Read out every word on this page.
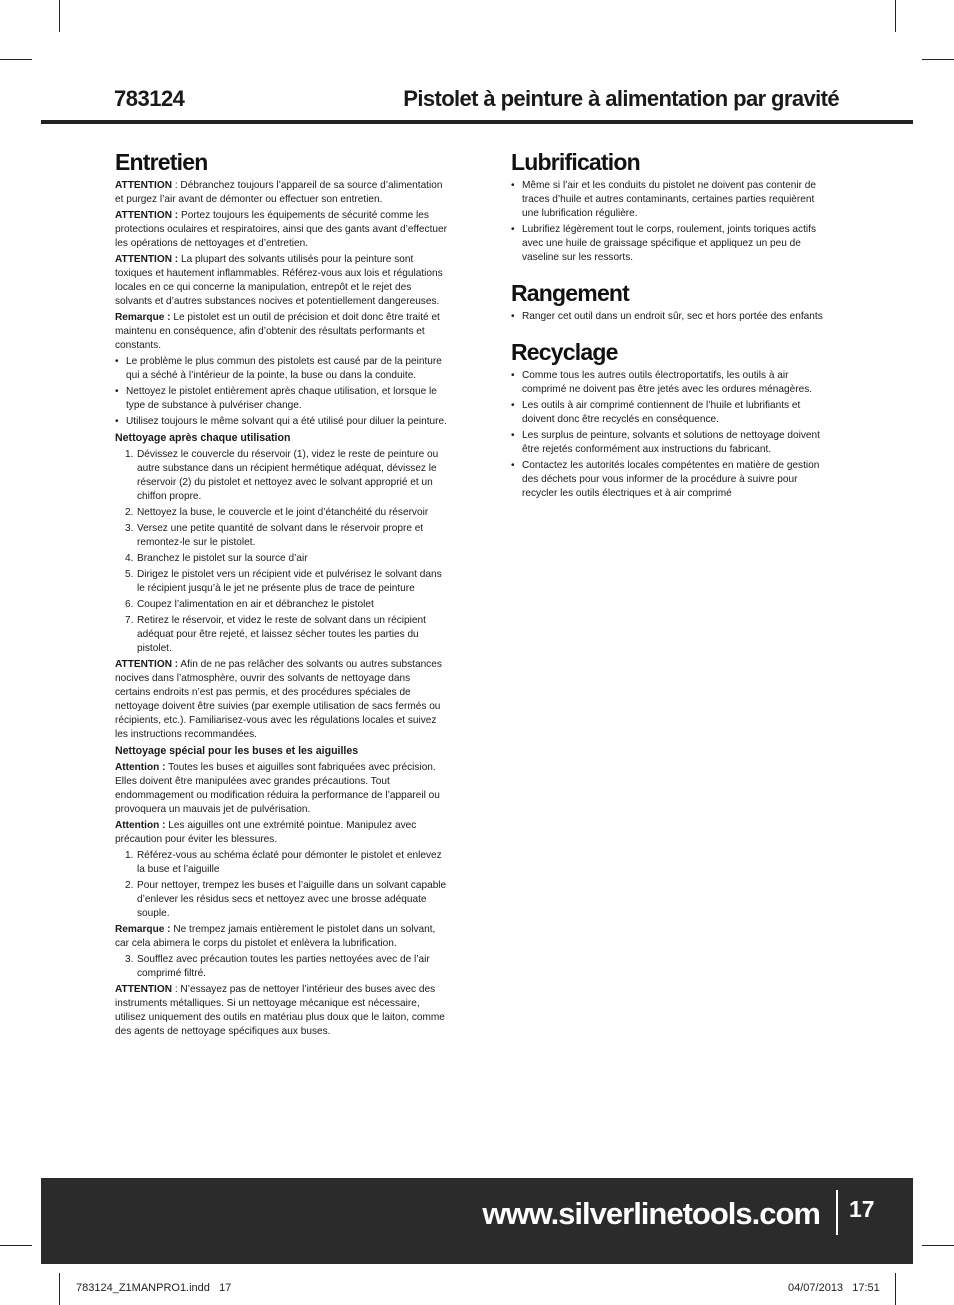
783124	Pistolet à peinture à alimentation par gravité
Entretien

ATTENTION : Débranchez toujours l’appareil de sa source d’alimentation et purgez l’air avant de démonter ou effectuer son entretien.

ATTENTION : Portez toujours les équipements de sécurité comme les protections oculaires et respiratoires, ainsi que des gants avant d’effectuer les opérations de nettoyages et d’entretien.

ATTENTION : La plupart des solvants utilisés pour la peinture sont toxiques et hautement inflammables. Référez-vous aux lois et régulations locales en ce qui concerne la manipulation, entrepôt et le rejet des solvants et d’autres substances nocives et potentiellement dangereuses.

Remarque : Le pistolet est un outil de précision et doit donc être traité et maintenu en conséquence, afin d’obtenir des résultats performants et constants.

• Le problème le plus commun des pistolets est causé par de la peinture qui a séché à l’intérieur de la pointe, la buse ou dans la conduite.
• Nettoyez le pistolet entièrement après chaque utilisation, et lorsque le type de substance à pulvériser change.
• Utilisez toujours le même solvant qui a été utilisé pour diluer la peinture.
Nettoyage après chaque utilisation
1. Dévissez le couvercle du réservoir (1), videz le reste de peinture ou autre substance dans un récipient hermétique adéquat, dévissez le réservoir (2) du pistolet et nettoyez avec le solvant approprié et un chiffon propre.
2. Nettoyez la buse, le couvercle et le joint d’étanchéité du réservoir
3. Versez une petite quantité de solvant dans le réservoir propre et remontez-le sur le pistolet.
4. Branchez le pistolet sur la source d’air
5. Dirigez le pistolet vers un récipient vide et pulvérisez le solvant dans le récipient jusqu’à le jet ne présente plus de trace de peinture
6. Coupez l’alimentation en air et débranchez le pistolet
7. Retirez le réservoir, et videz le reste de solvant dans un récipient adéquat pour être rejeté, et laissez sécher toutes les parties du pistolet.

ATTENTION : Afin de ne pas relâcher des solvants ou autres substances nocives dans l’atmosphère, ouvrir des solvants de nettoyage dans certains endroits n’est pas permis, et des procédures spéciales de nettoyage doivent être suivies (par exemple utilisation de sacs fermés ou récipients, etc.). Familiarisez-vous avec les régulations locales et suivez les instructions recommandées.

Nettoyage spécial pour les buses et les aiguilles

Attention : Toutes les buses et aiguilles sont fabriquées avec précision. Elles doivent être manipulées avec grandes précautions. Tout endommagement ou modification réduira la performance de l’appareil ou provoquera un mauvais jet de pulvérisation.

Attention : Les aiguilles ont une extrémité pointue. Manipulez avec précaution pour éviter les blessures.

1. Référez-vous au schéma éclaté pour démonter le pistolet et enlevez la buse et l’aiguille
2. Pour nettoyer, trempez les buses et l’aiguille dans un solvant capable d’enlever les résidus secs et nettoyez avec une brosse adéquate souple.

Remarque : Ne trempez jamais entièrement le pistolet dans un solvant, car cela abimera le corps du pistolet et enlèvera la lubrification.

3. Soufflez avec précaution toutes les parties nettoyées avec de l’air comprimé filtré.

ATTENTION : N’essayez pas de nettoyer l’intérieur des buses avec des instruments métalliques. Si un nettoyage mécanique est nécessaire, utilisez uniquement des outils en matériau plus doux que le laiton, comme des agents de nettoyage spécifiques aux buses.

Lubrification
• Même si l’air et les conduits du pistolet ne doivent pas contenir de traces d’huile et autres contaminants, certaines parties requièrent une lubrification régulière.
• Lubrifiez légèrement tout le corps, roulement, joints toriques actifs avec une huile de graissage spécifique et appliquez un peu de vaseline sur les ressorts.
Rangement
• Ranger cet outil dans un endroit sûr, sec et hors portée des enfants
Recyclage
• Comme tous les autres outils électroportatifs, les outils à air comprimé ne doivent pas être jetés avec les ordures ménagères.
• Les outils à air comprimé contiennent de l’huile et lubrifiants et doivent donc être recyclés en conséquence.
• Les surplus de peinture, solvants et solutions de nettoyage doivent être rejetés conformément aux instructions du fabricant.
• Contactez les autorités locales compétentes en matière de gestion des déchets pour vous informer de la procédure à suivre pour recycler les outils électriques et à air comprimé
www.silverlinetools.com 17
783124_Z1MANPRO1.indd   17	04/07/2013   17:51
